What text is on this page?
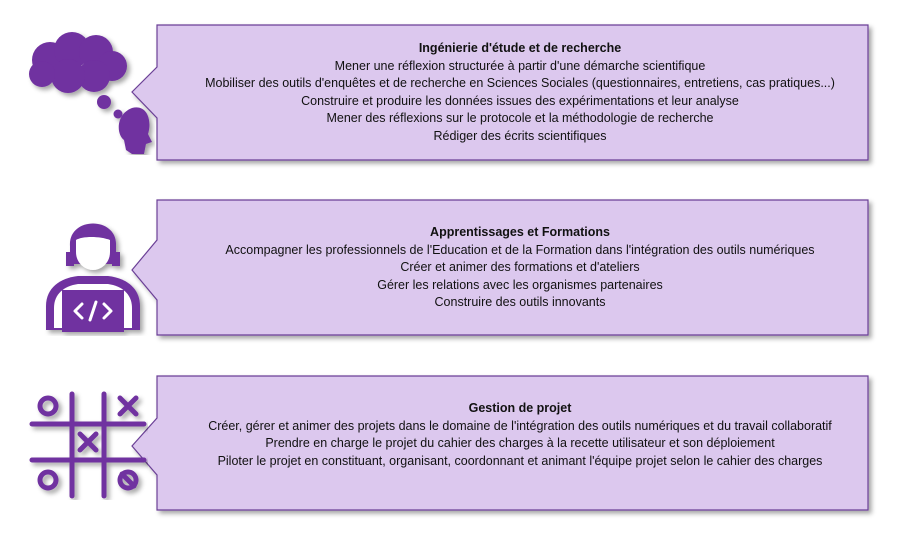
Ingénierie d'étude et de recherche
Mener une réflexion structurée à partir d'une démarche scientifique
Mobiliser des outils d'enquêtes et de recherche en Sciences Sociales (questionnaires, entretiens, cas pratiques...)
Construire et produire les données issues des expérimentations et leur analyse
Mener des réflexions sur le protocole et la méthodologie de recherche
Rédiger des écrits scientifiques
Apprentissages et Formations
Accompagner les professionnels de l'Education et de la Formation dans l'intégration des outils numériques
Créer et animer des formations et d'ateliers
Gérer les relations avec les organismes partenaires
Construire des outils innovants
Gestion de projet
Créer, gérer et animer des projets dans le domaine de l'intégration des outils numériques et du travail collaboratif
Prendre en charge le projet du cahier des charges à la recette utilisateur et son déploiement
Piloter le projet en constituant, organisant, coordonnant et animant l'équipe projet selon le cahier des charges
